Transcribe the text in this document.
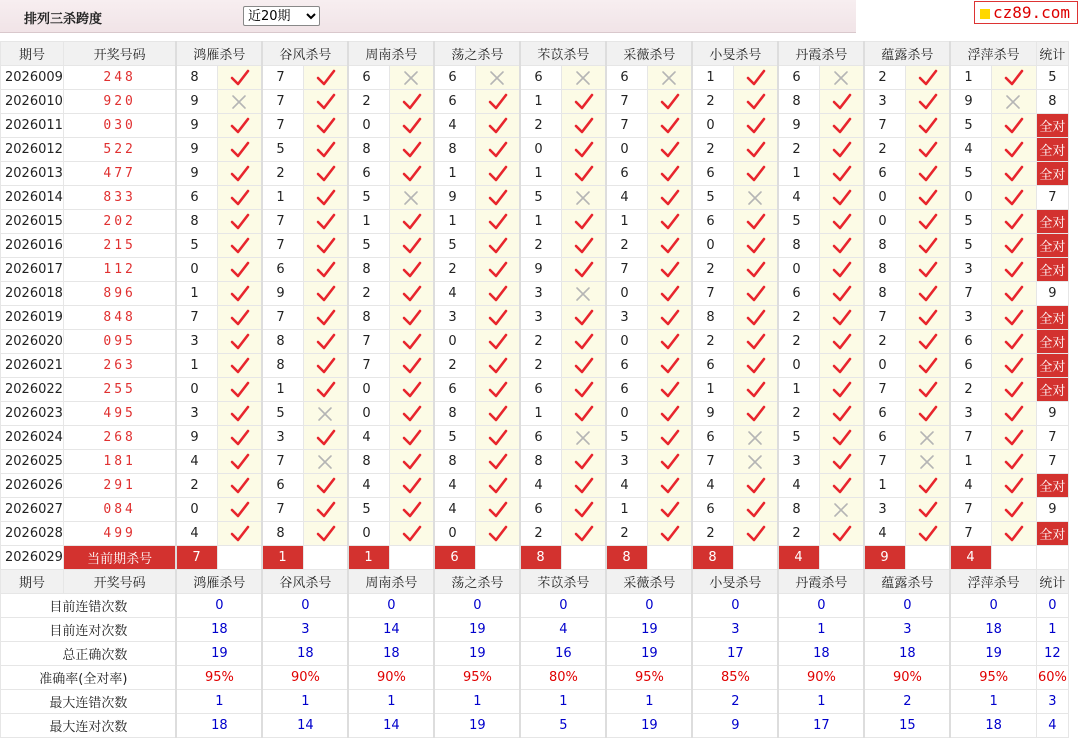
排列三杀跨度
近20期	cz89.com
期号	开奖号码	鸿雁杀号		谷风杀号		周南杀号		荡之杀号		芣苡杀号		采薇杀号		小旻杀号		丹霞杀号		蕴露杀号		浮萍杀号		统计
2026009	248	8		7		6		6		6		6		1		6		2		1		5
2026010	920	9		7		2		6		1		7		2		8		3		9		8
2026011	030	9		7		0		4		2		7		0		9		7		5		全对
2026012	522	9		5		8		8		0		0		2		2		2		4		全对
2026013	477	9		2		6		1		1		6		6		1		6		5		全对
2026014	833	6		1		5		9		5		4		5		4		0		0		7
2026015	202	8		7		1		1		1		1		6		5		0		5		全对
2026016	215	5		7		5		5		2		2		0		8		8		5		全对
2026017	112	0		6		8		2		9		7		2		0		8		3		全对
2026018	896	1		9		2		4		3		0		7		6		8		7		9
2026019	848	7		7		8		3		3		3		8		2		7		3		全对
2026020	095	3		8		7		0		2		0		2		2		2		6		全对
2026021	263	1		8		7		2		2		6		6		0		0		6		全对
2026022	255	0		1		0		6		6		6		1		1		7		2		全对
2026023	495	3		5		0		8		1		0		9		2		6		3		9
2026024	268	9		3		4		5		6		5		6		5		6		7		7
2026025	181	4		7		8		8		8		3		7		3		7		1		7
2026026	291	2		6		4		4		4		4		4		4		1		4		全对
2026027	084	0		7		5		4		6		1		6		8		3		7		9
2026028	499	4		8		0		0		2		2		2		2		4		7		全对
2026029	当前期杀号	7		1		1		6		8		8		8		4		9		4		
期号	开奖号码	鸿雁杀号		谷风杀号		周南杀号		荡之杀号		芣苡杀号		采薇杀号		小旻杀号		丹霞杀号		蕴露杀号		浮萍杀号		统计
目前连错次数		0		0		0		0		0		0		0		0		0		0		0
目前连对次数		18		3		14		19		4		19		3		1		3		18		1
总正确次数		19		18		18		19		16		19		17		18		18		19		12
准确率(全对率)		95%		90%		90%		95%		80%		95%		85%		90%		90%		95%		60%
最大连错次数		1		1		1		1		1		1		2		1		2		1		3
最大连对次数		18		14		14		19		5		19		9		17		15		18		4
